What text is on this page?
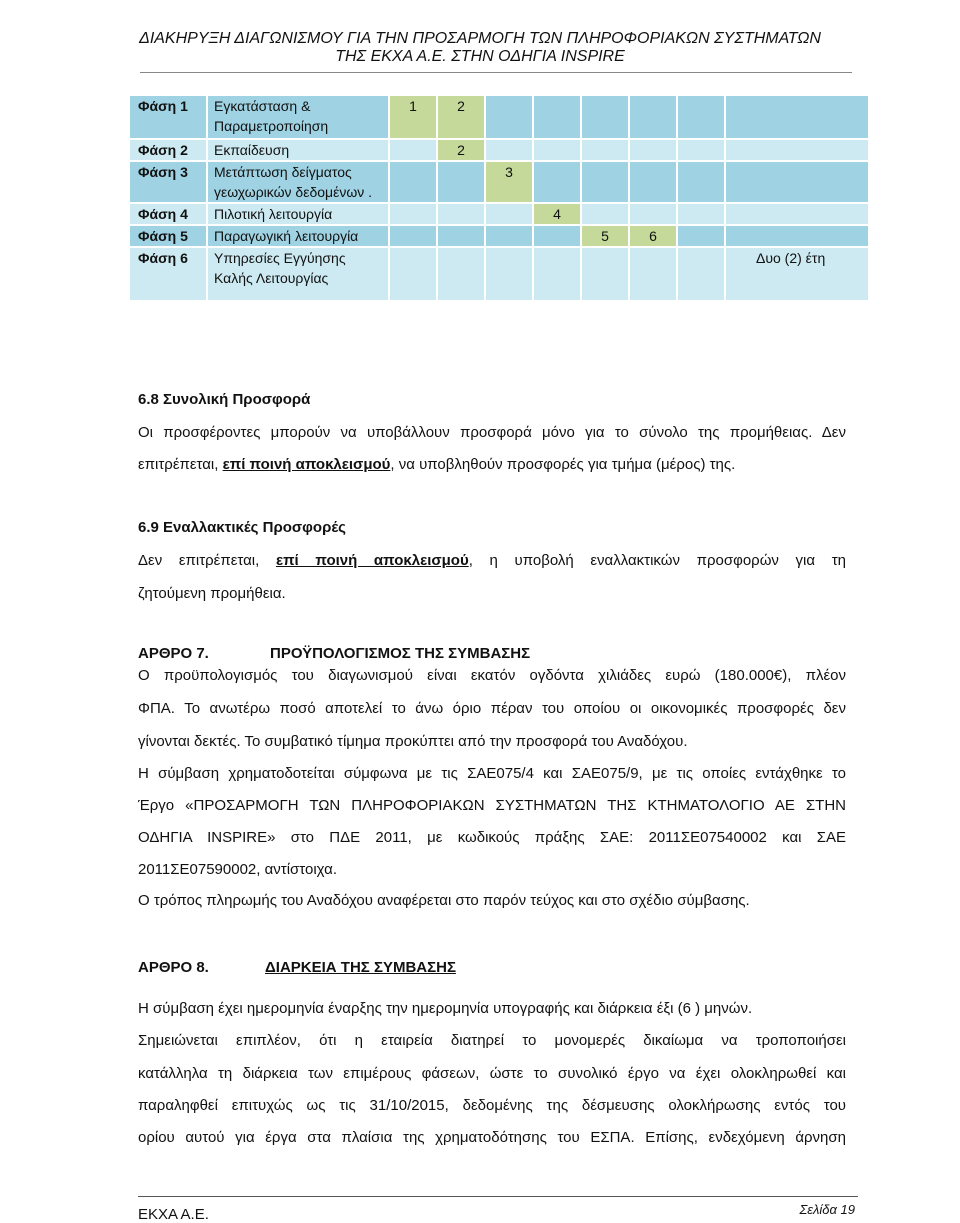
ΔΙΑΚΗΡΥΞΗ ΔΙΑΓΩΝΙΣΜΟΥ ΓΙΑ ΤΗΝ ΠΡΟΣΑΡΜΟΓΗ ΤΩΝ ΠΛΗΡΟΦΟΡΙΑΚΩΝ ΣΥΣΤΗΜΑΤΩΝ
ΤΗΣ ΕΚΧΑ Α.Ε. ΣΤΗΝ ΟΔΗΓΙΑ INSPIRE
Φάση 1	Εγκατάσταση & Παραμετροποίηση	1	2						
Φάση 2	Εκπαίδευση		2						
Φάση 3	Μετάπτωση δείγματος γεωχωρικών δεδομένων .			3					
Φάση 4	Πιλοτική λειτουργία				4				
Φάση 5	Παραγωγική λειτουργία					5	6		
Φάση 6	Υπηρεσίες Εγγύησης Καλής Λειτουργίας								Δυο (2) έτη
6.8 Συνολική Προσφορά
Οι προσφέροντες μπορούν να υποβάλλουν προσφορά μόνο για το σύνολο της προμήθειας. Δεν
επιτρέπεται, επί ποινή αποκλεισμού, να υποβληθούν προσφορές για τμήμα (μέρος) της.
6.9 Εναλλακτικές Προσφορές
Δεν επιτρέπεται, επί ποινή αποκλεισμού, η υποβολή εναλλακτικών προσφορών για τη
ζητούμενη προμήθεια.
ΑΡΘΡΟ 7.	ΠΡΟΫΠΟΛΟΓΙΣΜΟΣ ΤΗΣ ΣΥΜΒΑΣΗΣ
Ο προϋπολογισμός του διαγωνισμού είναι εκατόν ογδόντα χιλιάδες ευρώ (180.000€), πλέον
ΦΠΑ. Το ανωτέρω ποσό αποτελεί το άνω όριο πέραν του οποίου οι οικονομικές προσφορές δεν
γίνονται δεκτές. Το συμβατικό τίμημα προκύπτει από την προσφορά του Αναδόχου.
Η σύμβαση χρηματοδοτείται σύμφωνα με τις ΣΑΕ075/4 και ΣΑΕ075/9, με τις οποίες εντάχθηκε το
Έργο «ΠΡΟΣΑΡΜΟΓΗ ΤΩΝ ΠΛΗΡΟΦΟΡΙΑΚΩΝ ΣΥΣΤΗΜΑΤΩΝ ΤΗΣ ΚΤΗΜΑΤΟΛΟΓΙΟ ΑΕ ΣΤΗΝ
ΟΔΗΓΙΑ INSPIRE» στο ΠΔΕ 2011, με κωδικούς πράξης ΣΑΕ: 2011ΣΕ07540002 και ΣΑΕ
2011ΣΕ07590002, αντίστοιχα.
Ο τρόπος πληρωμής του Αναδόχου αναφέρεται στο παρόν τεύχος και στο σχέδιο σύμβασης.
ΑΡΘΡΟ 8.	ΔΙΑΡΚΕΙΑ ΤΗΣ ΣΥΜΒΑΣΗΣ
Η σύμβαση έχει ημερομηνία έναρξης την ημερομηνία υπογραφής και διάρκεια έξι (6 ) μηνών.
Σημειώνεται επιπλέον, ότι η εταιρεία διατηρεί το μονομερές δικαίωμα να τροποποιήσει
κατάλληλα τη διάρκεια των επιμέρους φάσεων, ώστε το συνολικό έργο να έχει ολοκληρωθεί και
παραληφθεί επιτυχώς ως τις 31/10/2015, δεδομένης της δέσμευσης ολοκλήρωσης εντός του
ορίου αυτού για έργα στα πλαίσια της χρηματοδότησης του ΕΣΠΑ. Επίσης, ενδεχόμενη άρνηση
ΕΚΧΑ Α.Ε.	Σελίδα 19
